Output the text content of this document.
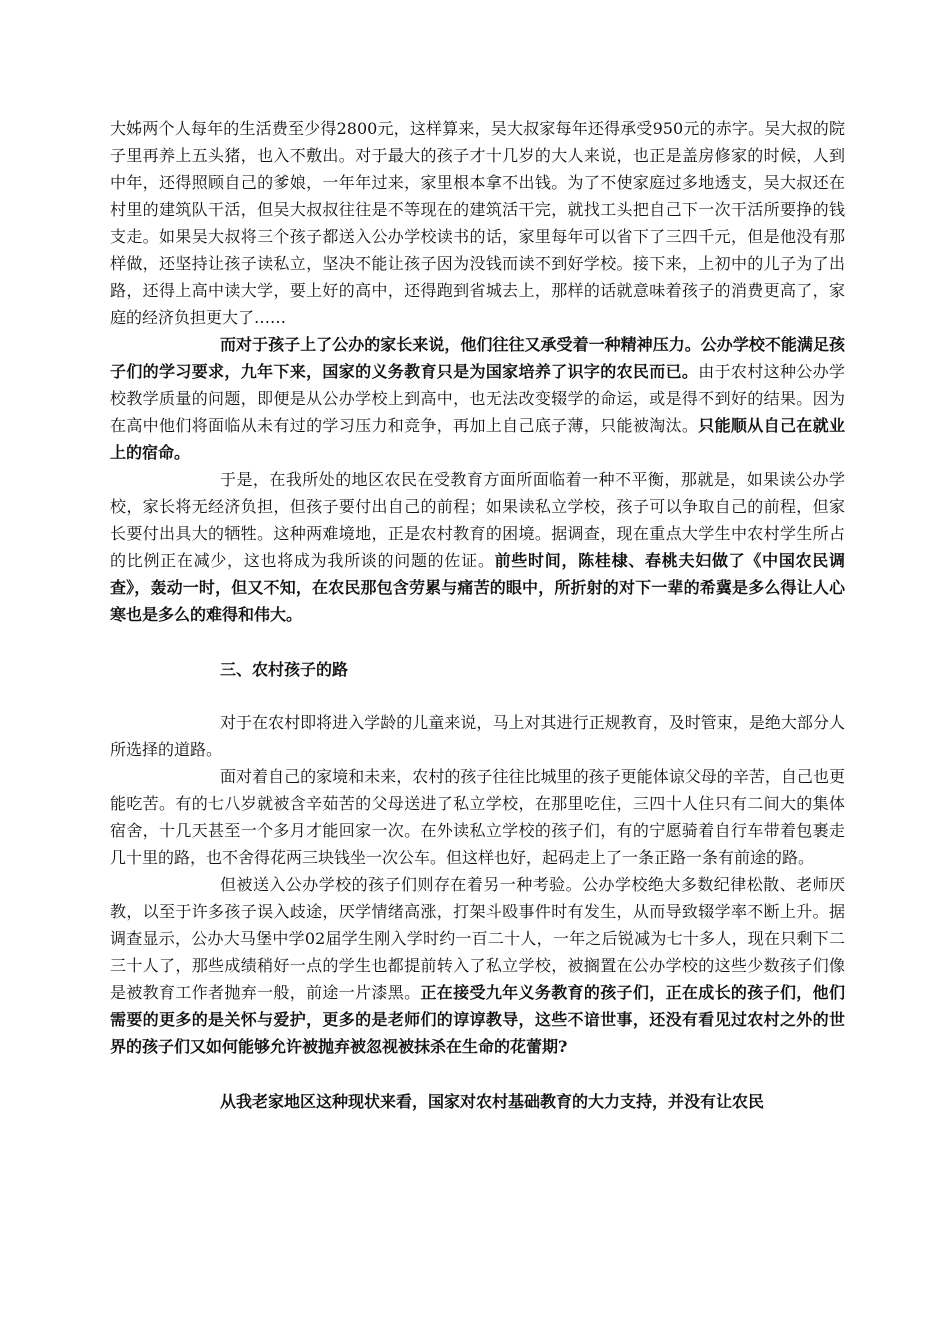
大姊两个人每年的生活费至少得2800元，这样算来，吴大叔家每年还得承受950元的赤字。吴大叔的院子里再养上五头猪，也入不敷出。对于最大的孩子才十几岁的大人来说，也正是盖房修家的时候，人到中年，还得照顾自己的爹娘，一年年过来，家里根本拿不出钱。为了不使家庭过多地透支，吴大叔还在村里的建筑队干活，但吴大叔叔往往是不等现在的建筑活干完，就找工头把自己下一次干活所要挣的钱支走。如果吴大叔将三个孩子都送入公办学校读书的话，家里每年可以省下了三四千元，但是他没有那样做，还坚持让孩子读私立，坚决不能让孩子因为没钱而读不到好学校。接下来，上初中的儿子为了出路，还得上高中读大学，要上好的高中，还得跑到省城去上，那样的话就意味着孩子的消费更高了，家庭的经济负担更大了……

而对于孩子上了公办的家长来说，他们往往又承受着一种精神压力。公办学校不能满足孩子们的学习要求，九年下来，国家的义务教育只是为国家培养了识字的农民而已。由于农村这种公办学校教学质量的问题，即便是从公办学校上到高中，也无法改变辍学的命运，或是得不到好的结果。因为在高中他们将面临从未有过的学习压力和竞争，再加上自己底子薄，只能被淘汰。只能顺从自己在就业上的宿命。

于是，在我所处的地区农民在受教育方面所面临着一种不平衡，那就是，如果读公办学校，家长将无经济负担，但孩子要付出自己的前程；如果读私立学校，孩子可以争取自己的前程，但家长要付出具大的牺牲。这种两难境地，正是农村教育的困境。据调查，现在重点大学生中农村学生所占的比例正在减少，这也将成为我所谈的问题的佐证。前些时间，陈桂棣、春桃夫妇做了《中国农民调查》，轰动一时，但又不知，在农民那包含劳累与痛苦的眼中，所折射的对下一辈的希冀是多么得让人心寒也是多么的难得和伟大。

三、农村孩子的路

对于在农村即将进入学龄的儿童来说，马上对其进行正规教育，及时管束，是绝大部分人所选择的道路。

面对着自己的家境和未来，农村的孩子往往比城里的孩子更能体谅父母的辛苦，自己也更能吃苦。有的七八岁就被含辛茹苦的父母送进了私立学校，在那里吃住，三四十人住只有二间大的集体宿舍，十几天甚至一个多月才能回家一次。在外读私立学校的孩子们，有的宁愿骑着自行车带着包裹走几十里的路，也不舍得花两三块钱坐一次公车。但这样也好，起码走上了一条正路一条有前途的路。

但被送入公办学校的孩子们则存在着另一种考验。公办学校绝大多数纪律松散、老师厌教，以至于许多孩子误入歧途，厌学情绪高涨，打架斗殴事件时有发生，从而导致辍学率不断上升。据调查显示，公办大马堡中学02届学生刚入学时约一百二十人，一年之后锐减为七十多人，现在只剩下二三十人了，那些成绩稍好一点的学生也都提前转入了私立学校，被搁置在公办学校的这些少数孩子们像是被教育工作者抛弃一般，前途一片漆黑。正在接受九年义务教育的孩子们，正在成长的孩子们，他们需要的更多的是关怀与爱护，更多的是老师们的谆谆教导，这些不谙世事，还没有看见过农村之外的世界的孩子们又如何能够允许被抛弃被忽视被抹杀在生命的花蕾期?

从我老家地区这种现状来看，国家对农村基础教育的大力支持，并没有让农民
